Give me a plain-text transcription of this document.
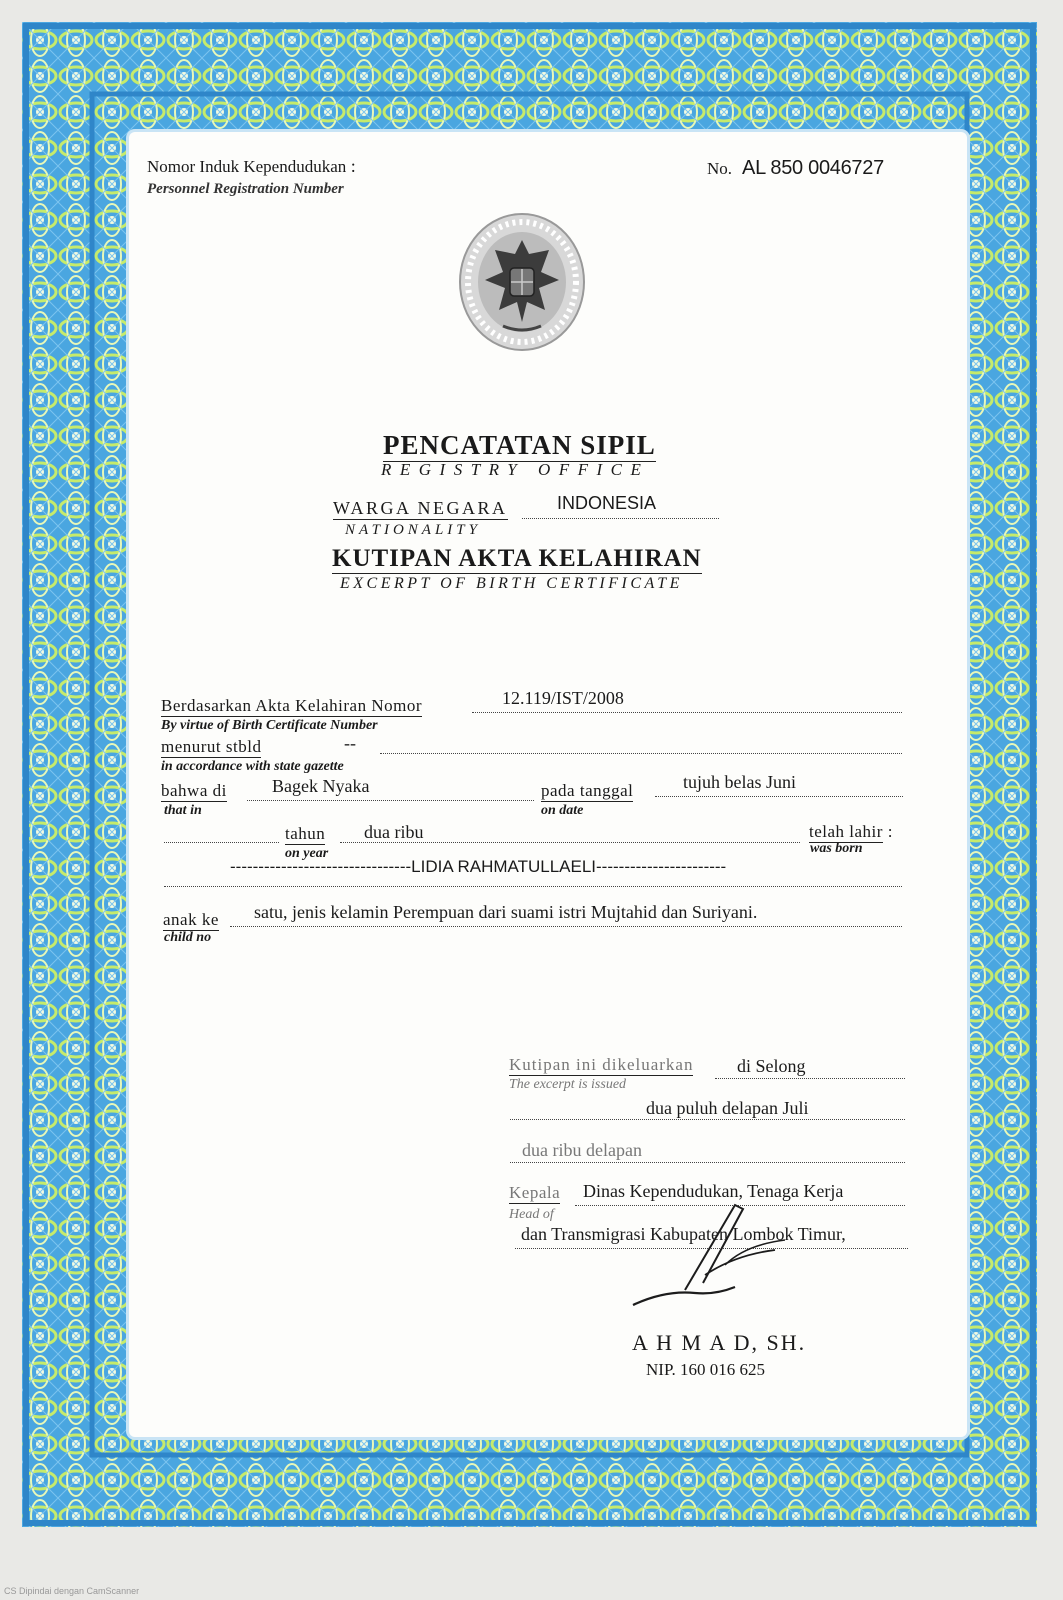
Nomor Induk Kependudukan :
Personnel Registration Number
No. AL 850 0046727
PENCATATAN SIPIL
REGISTRY OFFICE
WARGA NEGARA
NATIONALITY
INDONESIA
KUTIPAN AKTA KELAHIRAN
EXCERPT OF BIRTH CERTIFICATE
Berdasarkan Akta Kelahiran Nomor
By virtue of Birth Certificate Number
12.119/IST/2008
menurut stbld
in accordance with state gazette
--
bahwa di
that in
Bagek Nyaka	pada tanggal
on date
tujuh belas Juni
tahun
on year
dua ribu	telah lahir :
was born
--------------------------------LIDIA RAHMATULLAELI-----------------------
anak ke
child no
satu, jenis kelamin Perempuan dari suami istri Mujtahid dan Suriyani.
Kutipan ini dikeluarkan
The excerpt is issued
di Selong
dua puluh delapan Juli
dua ribu delapan
Kepala
Head of
Dinas Kependudukan, Tenaga Kerja
dan Transmigrasi Kabupaten Lombok Timur,
A H M A D, SH.
NIP. 160 016 625
CS Dipindai dengan CamScanner
